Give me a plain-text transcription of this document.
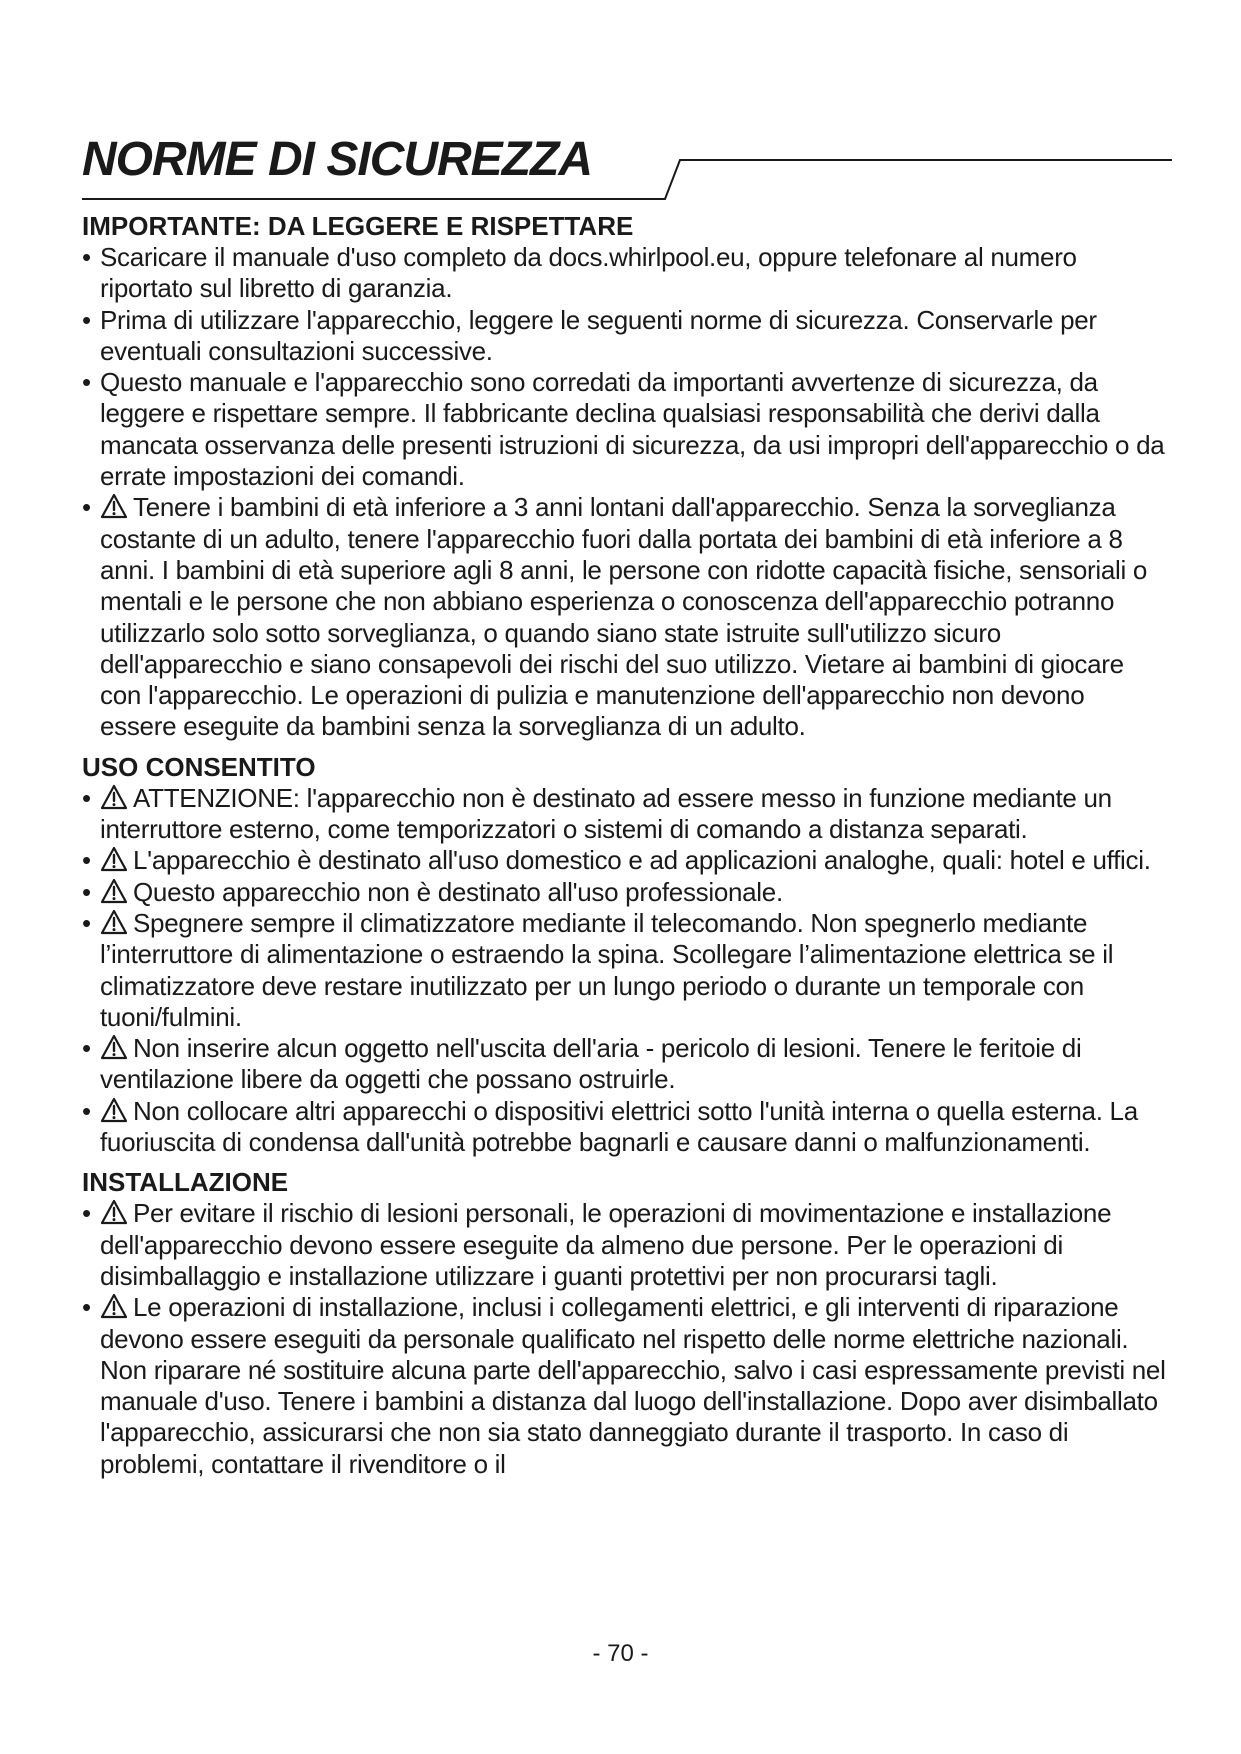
NORME DI SICUREZZA
IMPORTANTE: DA LEGGERE E RISPETTARE
• Scaricare il manuale d'uso completo da docs.whirlpool.eu, oppure telefonare al numero riportato sul libretto di garanzia.
• Prima di utilizzare l'apparecchio, leggere le seguenti norme di sicurezza. Conservarle per eventuali consultazioni successive.
• Questo manuale e l'apparecchio sono corredati da importanti avvertenze di sicurezza, da leggere e rispettare sempre. Il fabbricante declina qualsiasi responsabilità che derivi dalla mancata osservanza delle presenti istruzioni di sicurezza, da usi impropri dell'apparecchio o da errate impostazioni dei comandi.
• Tenere i bambini di età inferiore a 3 anni lontani dall'apparecchio. Senza la sorveglianza costante di un adulto, tenere l'apparecchio fuori dalla portata dei bambini di età inferiore a 8 anni. I bambini di età superiore agli 8 anni, le persone con ridotte capacità fisiche, sensoriali o mentali e le persone che non abbiano esperienza o conoscenza dell'apparecchio potranno utilizzarlo solo sotto sorveglianza, o quando siano state istruite sull'utilizzo sicuro dell'apparecchio e siano consapevoli dei rischi del suo utilizzo. Vietare ai bambini di giocare con l'apparecchio. Le operazioni di pulizia e manutenzione dell'apparecchio non devono essere eseguite da bambini senza la sorveglianza di un adulto.
USO CONSENTITO
• ATTENZIONE: l'apparecchio non è destinato ad essere messo in funzione mediante un interruttore esterno, come temporizzatori o sistemi di comando a distanza separati.
• L'apparecchio è destinato all'uso domestico e ad applicazioni analoghe, quali: hotel e uffici.
• Questo apparecchio non è destinato all'uso professionale.
• Spegnere sempre il climatizzatore mediante il telecomando. Non spegnerlo mediante l’interruttore di alimentazione o estraendo la spina. Scollegare l’alimentazione elettrica se il climatizzatore deve restare inutilizzato per un lungo periodo o durante un temporale con tuoni/fulmini.
• Non inserire alcun oggetto nell'uscita dell'aria - pericolo di lesioni. Tenere le feritoie di ventilazione libere da oggetti che possano ostruirle.
• Non collocare altri apparecchi o dispositivi elettrici sotto l'unità interna o quella esterna. La fuoriuscita di condensa dall'unità potrebbe bagnarli e causare danni o malfunzionamenti.
INSTALLAZIONE
• Per evitare il rischio di lesioni personali, le operazioni di movimentazione e installazione dell'apparecchio devono essere eseguite da almeno due persone. Per le operazioni di disimballaggio e installazione utilizzare i guanti protettivi per non procurarsi tagli.
• Le operazioni di installazione, inclusi i collegamenti elettrici, e gli interventi di riparazione devono essere eseguiti da personale qualificato nel rispetto delle norme elettriche nazionali. Non riparare né sostituire alcuna parte dell'apparecchio, salvo i casi espressamente previsti nel manuale d'uso. Tenere i bambini a distanza dal luogo dell'installazione. Dopo aver disimballato l'apparecchio, assicurarsi che non sia stato danneggiato durante il trasporto. In caso di problemi, contattare il rivenditore o il
- 70 -
